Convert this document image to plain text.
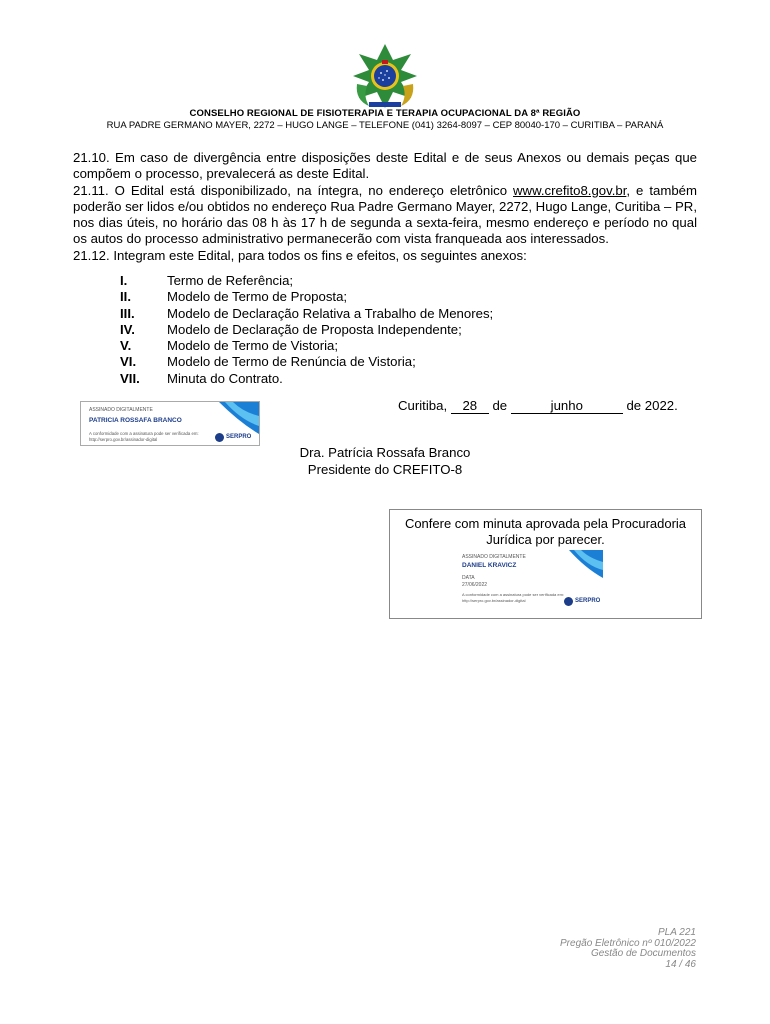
CONSELHO REGIONAL DE FISIOTERAPIA E TERAPIA OCUPACIONAL DA 8ª REGIÃO
RUA PADRE GERMANO MAYER, 2272 – HUGO LANGE – TELEFONE (041) 3264-8097 – CEP 80040-170 – CURITIBA – PARANÁ

21.10. Em caso de divergência entre disposições deste Edital e de seus Anexos ou demais peças que compõem o processo, prevalecerá as deste Edital.

21.11. O Edital está disponibilizado, na íntegra, no endereço eletrônico www.crefito8.gov.br, e também poderão ser lidos e/ou obtidos no endereço Rua Padre Germano Mayer, 2272, Hugo Lange, Curitiba – PR, nos dias úteis, no horário das 08 h às 17 h de segunda a sexta-feira, mesmo endereço e período no qual os autos do processo administrativo permanecerão com vista franqueada aos interessados.

21.12. Integram este Edital, para todos os fins e efeitos, os seguintes anexos:

I.	Termo de Referência;
II.	Modelo de Termo de Proposta;
III.	Modelo de Declaração Relativa a Trabalho de Menores;
IV.	Modelo de Declaração de Proposta Independente;
V.	Modelo de Termo de Vistoria;
VI.	Modelo de Termo de Renúncia de Vistoria;
VII.	Minuta do Contrato.
ASSINADO DIGITALMENTE
PATRICIA ROSSAFA BRANCO
A conformidade com a assinatura pode ser verificada em:
http://serpro.gov.br/assinador-digital	SERPRO
Curitiba, 28 de	junho	de 2022.
Dra. Patrícia Rossafa Branco
Presidente do CREFITO-8
Confere com minuta aprovada pela Procuradoria Jurídica por parecer.
ASSINADO DIGITALMENTE
DANIEL KRAVICZ
DATA
27/06/2022
A conformidade com a assinatura pode ser verificada em:
http://serpro.gov.br/assinador-digital	SERPRO
PLA 221
Pregão Eletrônico nº 010/2022
Gestão de Documentos
14 / 46
